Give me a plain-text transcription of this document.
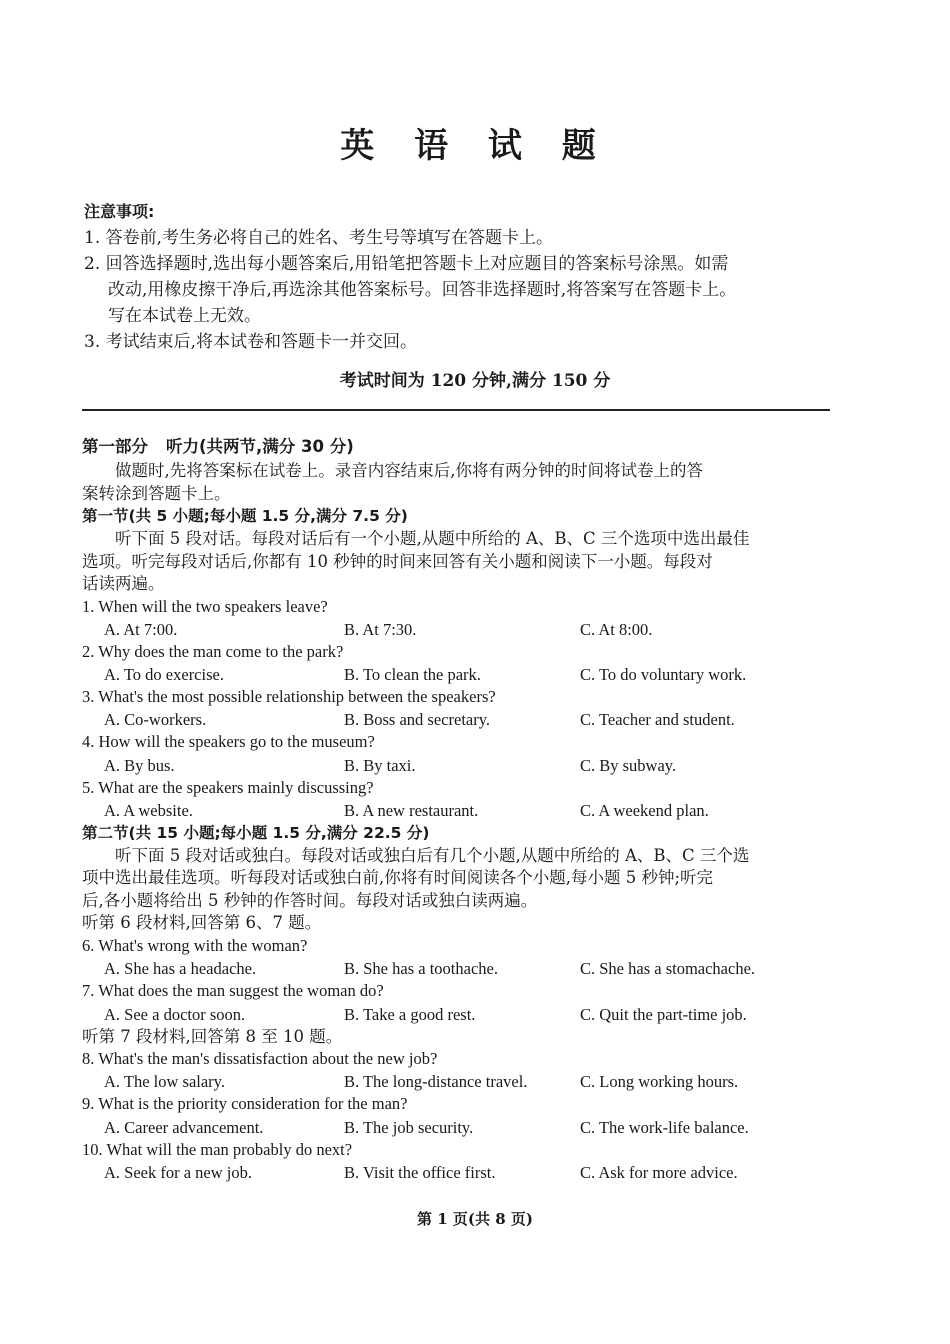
英 语 试 题
注意事项:
1. 答卷前,考生务必将自己的姓名、考生号等填写在答题卡上。
2. 回答选择题时,选出每小题答案后,用铅笔把答题卡上对应题目的答案标号涂黑。如需
改动,用橡皮擦干净后,再选涂其他答案标号。回答非选择题时,将答案写在答题卡上。
写在本试卷上无效。
3. 考试结束后,将本试卷和答题卡一并交回。
考试时间为 120 分钟,满分 150 分
第一部分 听力(共两节,满分 30 分)
做题时,先将答案标在试卷上。录音内容结束后,你将有两分钟的时间将试卷上的答
案转涂到答题卡上。
第一节(共 5 小题;每小题 1.5 分,满分 7.5 分)
听下面 5 段对话。每段对话后有一个小题,从题中所给的 A、B、C 三个选项中选出最佳
选项。听完每段对话后,你都有 10 秒钟的时间来回答有关小题和阅读下一小题。每段对
话读两遍。
1. When will the two speakers leave?
A. At 7:00.	B. At 7:30.	C. At 8:00.
2. Why does the man come to the park?
A. To do exercise.	B. To clean the park.	C. To do voluntary work.
3. What's the most possible relationship between the speakers?
A. Co-workers.	B. Boss and secretary.	C. Teacher and student.
4. How will the speakers go to the museum?
A. By bus.	B. By taxi.	C. By subway.
5. What are the speakers mainly discussing?
A. A website.	B. A new restaurant.	C. A weekend plan.
第二节(共 15 小题;每小题 1.5 分,满分 22.5 分)
听下面 5 段对话或独白。每段对话或独白后有几个小题,从题中所给的 A、B、C 三个选
项中选出最佳选项。听每段对话或独白前,你将有时间阅读各个小题,每小题 5 秒钟;听完
后,各小题将给出 5 秒钟的作答时间。每段对话或独白读两遍。
听第 6 段材料,回答第 6、7 题。
6. What's wrong with the woman?
A. She has a headache.	B. She has a toothache.	C. She has a stomachache.
7. What does the man suggest the woman do?
A. See a doctor soon.	B. Take a good rest.	C. Quit the part-time job.
听第 7 段材料,回答第 8 至 10 题。
8. What's the man's dissatisfaction about the new job?
A. The low salary.	B. The long-distance travel.	C. Long working hours.
9. What is the priority consideration for the man?
A. Career advancement.	B. The job security.	C. The work-life balance.
10. What will the man probably do next?
A. Seek for a new job.	B. Visit the office first.	C. Ask for more advice.
第 1 页(共 8 页)
